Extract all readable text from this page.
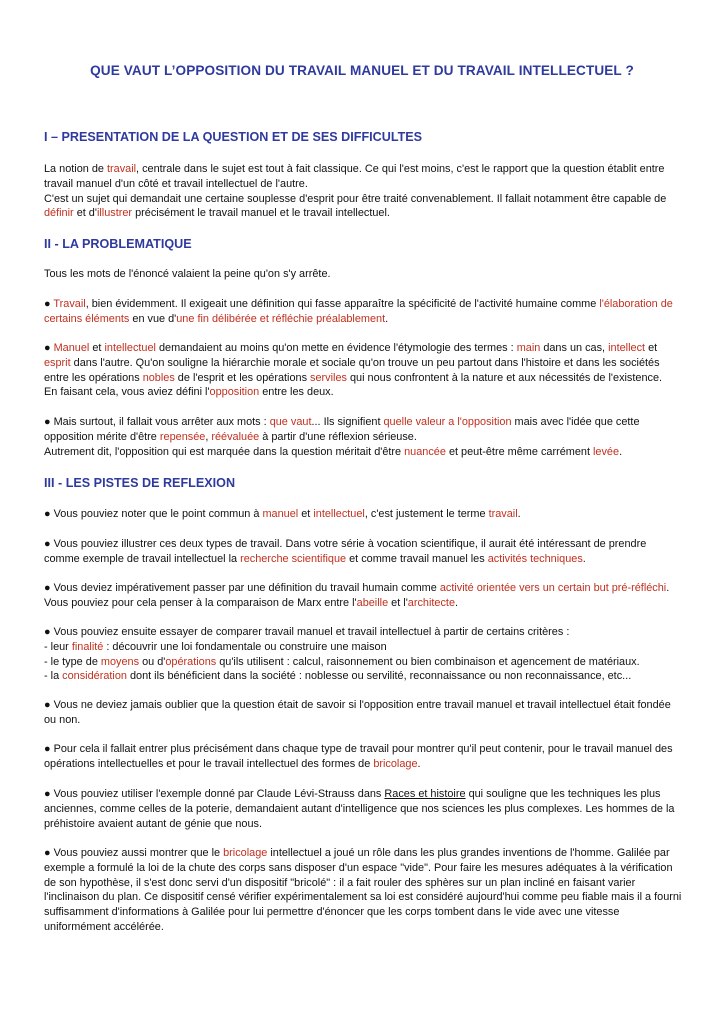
QUE VAUT L’OPPOSITION DU TRAVAIL MANUEL ET DU TRAVAIL INTELLECTUEL ?
I – PRESENTATION DE LA QUESTION ET DE SES DIFFICULTES

La notion de travail, centrale dans le sujet est tout à fait classique. Ce qui l'est moins, c'est le rapport que la question établit entre travail manuel d'un côté et travail intellectuel de l'autre.

C'est un sujet qui demandait une certaine souplesse d'esprit pour être traité convenablement. Il fallait notamment être capable de définir et d'illustrer précisément le travail manuel et le travail intellectuel.

II - LA PROBLEMATIQUE

Tous les mots de l'énoncé valaient la peine qu'on s'y arrête.

● Travail, bien évidemment. Il exigeait une définition qui fasse apparaître la spécificité de l'activité humaine comme l'élaboration de certains éléments en vue d'une fin délibérée et réfléchie préalablement.

● Manuel et intellectuel demandaient au moins qu'on mette en évidence l'étymologie des termes : main dans un cas, intellect et esprit dans l'autre. Qu'on souligne la hiérarchie morale et sociale qu'on trouve un peu partout dans l'histoire et dans les sociétés entre les opérations nobles de l'esprit et les opérations serviles qui nous confrontent à la nature et aux nécessités de l'existence.

En faisant cela, vous aviez défini l'opposition entre les deux.

● Mais surtout, il fallait vous arrêter aux mots : que vaut... Ils signifient quelle valeur a l'opposition mais avec l'idée que cette opposition mérite d'être repensée, réévaluée à partir d'une réflexion sérieuse.

Autrement dit, l'opposition qui est marquée dans la question méritait d'être nuancée et peut-être même carrément levée.

III - LES PISTES DE REFLEXION

● Vous pouviez noter que le point commun à manuel et intellectuel, c'est justement le terme travail.

● Vous pouviez illustrer ces deux types de travail. Dans votre série à vocation scientifique, il aurait été intéressant de prendre comme exemple de travail intellectuel la recherche scientifique et comme travail manuel les activités techniques.

● Vous deviez impérativement passer par une définition du travail humain comme activité orientée vers un certain but pré-réfléchi. Vous pouviez pour cela penser à la comparaison de Marx entre l'abeille et l'architecte.

● Vous pouviez ensuite essayer de comparer travail manuel et travail intellectuel à partir de certains critères :

- leur finalité : découvrir une loi fondamentale ou construire une maison

- le type de moyens ou d'opérations qu'ils utilisent : calcul, raisonnement ou bien combinaison et agencement de matériaux.

- la considération dont ils bénéficient dans la société : noblesse ou servilité, reconnaissance ou non reconnaissance, etc...

● Vous ne deviez jamais oublier que la question était de savoir si l'opposition entre travail manuel et travail intellectuel était fondée ou non.

● Pour cela il fallait entrer plus précisément dans chaque type de travail pour montrer qu'il peut contenir, pour le travail manuel des opérations intellectuelles et pour le travail intellectuel des formes de bricolage.

● Vous pouviez utiliser l'exemple donné par Claude Lévi-Strauss dans Races et histoire qui souligne que les techniques les plus anciennes, comme celles de la poterie, demandaient autant d'intelligence que nos sciences les plus complexes. Les hommes de la préhistoire avaient autant de génie que nous.

● Vous pouviez aussi montrer que le bricolage intellectuel a joué un rôle dans les plus grandes inventions de l'homme. Galilée par exemple a formulé la loi de la chute des corps sans disposer d'un espace "vide". Pour faire les mesures adéquates à la vérification de son hypothèse, il s'est donc servi d'un dispositif "bricolé" : il a fait rouler des sphères sur un plan incliné en faisant varier l'inclinaison du plan. Ce dispositif censé vérifier expérimentalement sa loi est considéré aujourd'hui comme peu fiable mais il a fourni suffisamment d'informations à Galilée pour lui permettre d'énoncer que les corps tombent dans le vide avec une vitesse uniformément accélérée.
